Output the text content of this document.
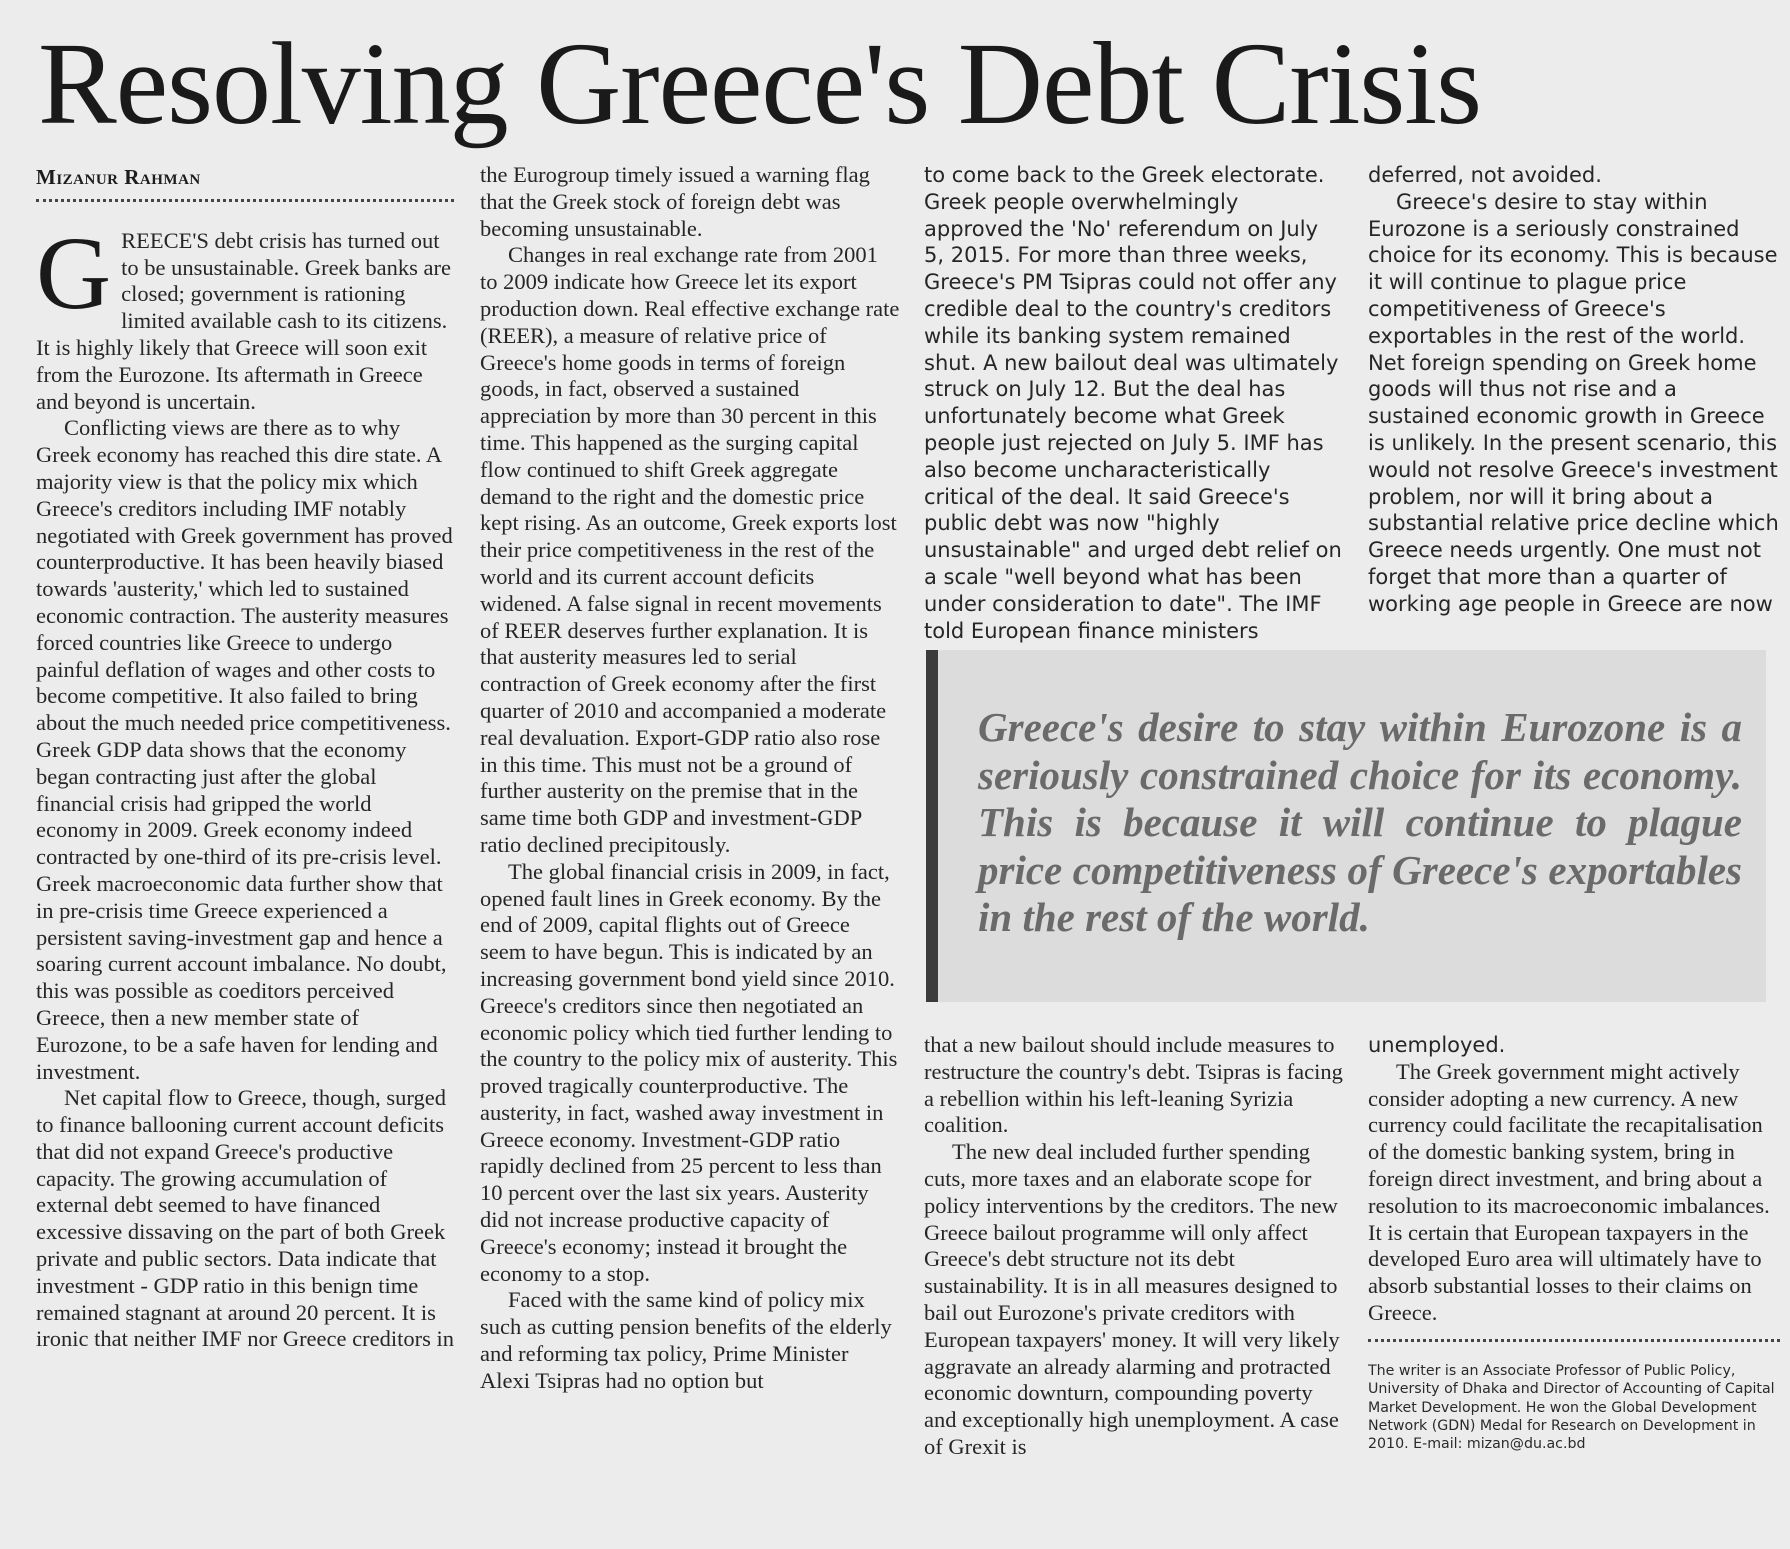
Resolving Greece's Debt Crisis
Mizanur Rahman

GREECE'S debt crisis has turned out to be unsustainable. Greek banks are closed; government is rationing limited available cash to its citizens. It is highly likely that Greece will soon exit from the Eurozone. Its aftermath in Greece and beyond is uncertain.

Conflicting views are there as to why Greek economy has reached this dire state. A majority view is that the policy mix which Greece's creditors including IMF notably negotiated with Greek government has proved counterproductive. It has been heavily biased towards 'austerity,' which led to sustained economic contraction. The austerity measures forced countries like Greece to undergo painful deflation of wages and other costs to become competitive. It also failed to bring about the much needed price competitiveness. Greek GDP data shows that the economy began contracting just after the global financial crisis had gripped the world economy in 2009. Greek economy indeed contracted by one-third of its pre-crisis level. Greek macroeconomic data further show that in pre-crisis time Greece experienced a persistent saving-investment gap and hence a soaring current account imbalance. No doubt, this was possible as coeditors perceived Greece, then a new member state of Eurozone, to be a safe haven for lending and investment.

Net capital flow to Greece, though, surged to finance ballooning current account deficits that did not expand Greece's productive capacity. The growing accumulation of external debt seemed to have financed excessive dissaving on the part of both Greek private and public sectors. Data indicate that investment - GDP ratio in this benign time remained stagnant at around 20 percent. It is ironic that neither IMF nor Greece creditors in

the Eurogroup timely issued a warning flag that the Greek stock of foreign debt was becoming unsustainable.

Changes in real exchange rate from 2001 to 2009 indicate how Greece let its export production down. Real effective exchange rate (REER), a measure of relative price of Greece's home goods in terms of foreign goods, in fact, observed a sustained appreciation by more than 30 percent in this time. This happened as the surging capital flow continued to shift Greek aggregate demand to the right and the domestic price kept rising. As an outcome, Greek exports lost their price competitiveness in the rest of the world and its current account deficits widened. A false signal in recent movements of REER deserves further explanation. It is that austerity measures led to serial contraction of Greek economy after the first quarter of 2010 and accompanied a moderate real devaluation. Export-GDP ratio also rose in this time. This must not be a ground of further austerity on the premise that in the same time both GDP and investment-GDP ratio declined precipitously.

The global financial crisis in 2009, in fact, opened fault lines in Greek economy. By the end of 2009, capital flights out of Greece seem to have begun. This is indicated by an increasing government bond yield since 2010. Greece's creditors since then negotiated an economic policy which tied further lending to the country to the policy mix of austerity. This proved tragically counterproductive. The austerity, in fact, washed away investment in Greece economy. Investment-GDP ratio rapidly declined from 25 percent to less than 10 percent over the last six years. Austerity did not increase productive capacity of Greece's economy; instead it brought the economy to a stop.

Faced with the same kind of policy mix such as cutting pension benefits of the elderly and reforming tax policy, Prime Minister Alexi Tsipras had no option but

to come back to the Greek electorate. Greek people overwhelmingly approved the 'No' referendum on July 5, 2015. For more than three weeks, Greece's PM Tsipras could not offer any credible deal to the country's creditors while its banking system remained shut. A new bailout deal was ultimately struck on July 12. But the deal has unfortunately become what Greek people just rejected on July 5. IMF has also become uncharacteristically critical of the deal. It said Greece's public debt was now "highly unsustainable" and urged debt relief on a scale "well beyond what has been under consideration to date". The IMF told European finance ministers

deferred, not avoided.

Greece's desire to stay within Eurozone is a seriously constrained choice for its economy. This is because it will continue to plague price competitiveness of Greece's exportables in the rest of the world. Net foreign spending on Greek home goods will thus not rise and a sustained economic growth in Greece is unlikely. In the present scenario, this would not resolve Greece's investment problem, nor will it bring about a substantial relative price decline which Greece needs urgently. One must not forget that more than a quarter of working age people in Greece are now

Greece's desire to stay within Eurozone is a seriously constrained choice for its economy. This is because it will continue to plague price competitiveness of Greece's exportables in the rest of the world.

that a new bailout should include measures to restructure the country's debt. Tsipras is facing a rebellion within his left-leaning Syrizia coalition.

The new deal included further spending cuts, more taxes and an elaborate scope for policy interventions by the creditors. The new Greece bailout programme will only affect Greece's debt structure not its debt sustainability. It is in all measures designed to bail out Eurozone's private creditors with European taxpayers' money. It will very likely aggravate an already alarming and protracted economic downturn, compounding poverty and exceptionally high unemployment. A case of Grexit is

unemployed.

The Greek government might actively consider adopting a new currency. A new currency could facilitate the recapitalisation of the domestic banking system, bring in foreign direct investment, and bring about a resolution to its macroeconomic imbalances. It is certain that European taxpayers in the developed Euro area will ultimately have to absorb substantial losses to their claims on Greece.

The writer is an Associate Professor of Public Policy, University of Dhaka and Director of Accounting of Capital Market Development. He won the Global Development Network (GDN) Medal for Research on Development in 2010. E-mail: mizan@du.ac.bd
